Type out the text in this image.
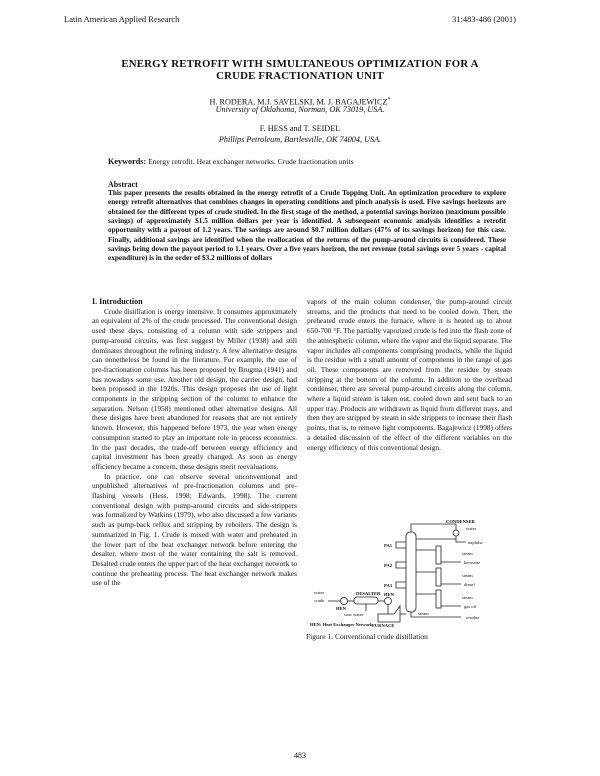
Latin American Applied Research	31:483-486 (2001)
ENERGY RETROFIT WITH SIMULTANEOUS OPTIMIZATION FOR A
CRUDE FRACTIONATION UNIT
H. RODERA, M.J. SAVELSKI, M. J. BAGAJEWICZ*
University of Oklahoma, Norman, OK 73019, USA.
F. HESS and T. SEIDEL
Phillips Petroleum, Bartlesville, OK 74004, USA.
Keywords: Energy retrofit. Heat exchanger networks. Crude fractionation units
Abstract
This paper presents the results obtained in the energy retrofit of a Crude Topping Unit. An optimization procedure to explore energy retrofit alternatives that combines changes in operating conditions and pinch analysis is used. Five savings horizons are obtained for the different types of crude studied. In the first stage of the method, a potential savings horizon (maximum possible savings) of approximately $1.5 million dollars per year is identified. A subsequent economic analysis identifies a retrofit opportunity with a payout of 1.2 years. The savings are around $0.7 million dollars (47% of its savings horizon) for this case. Finally, additional savings are identified when the reallocation of the returns of the pump-around circuits is considered. These savings bring down the payout period to 1.1 years. Over a five years horizon, the net revenue (total savings over 5 years - capital expenditure) is in the order of $3.2 millions of dollars
I. Introduction

Crude distillation is energy intensive. It consumes approximately an equivalent of 2% of the crude processed. The conventional design used these days, consisting of a column with side strippers and pump-around circuits, was first suggest by Miller (1938) and still dominates throughout the refining industry. A few alternative designs can nonetheless be found in the literature. For example, the use of pre-fractionation columns has been proposed by Brugma (1941) and has nowadays some use. Another old design, the carrier design, had been proposed in the 1920s. This design proposes the use of light components in the stripping section of the column to enhance the separation. Nelson (1958) mentioned other alternative designs. All these designs have been abandoned for reasons that are not entirely known. However, this happened before 1973, the year when energy consumption started to play an important role in process economics. In the past decades, the trade-off between energy efficiency and capital investment has been greatly changed. As soon as energy efficiency became a concern, these designs merit reevaluations.

In practice, one can observe several unconventional and unpublished alternatives of pre-fractionation columns and pre-flashing vessels (Hess, 1998; Edwards, 1998). The current conventional design with pump-around circuits and side-strippers was formalized by Watkins (1979), who also discussed a few variants such as pump-back reflux and stripping by reboilers. The design is summarized in Fig. 1. Crude is mixed with water and preheated in the lower part of the heat exchanger network before entering the desalter, where most of the water containing the salt is removed. Desalted crude enters the upper part of the heat exchanger network to continue the preheating process. The heat exchanger network makes use of the

vapors of the main column condenser, the pump-around circuit streams, and the products that need to be cooled down. Then, the preheated crude enters the furnace, where it is heated up to about 650-700 °F. The partially vaporized crude is fed into the flash zone of the atmospheric column, where the vapor and the liquid separate. The vapor includes all components comprising products, while the liquid is the residue with a small amount of components in the range of gas oil. These components are removed from the residue by steam stripping at the bottom of the column. In addition to the overhead condenser, there are several pump-around circuits along the column, where a liquid stream is taken out, cooled down and sent back to an upper tray. Products are withdrawn as liquid from different trays, and then they are stripped by steam in side strippers to increase their flash points, that is, to remove light components. Bagajewicz (1998) offers a detailed discussion of the effect of the different variables on the energy efficiency of this conventional design.

CONDENSER
water
naphtha
PA1
PA2
PA3
steam
kerosene
steam
diesel
steam
gas oil
water
crude
DESALTER
HEN
HEN
sour water
FURNACE
steam
residue
HEN: Heat Exchanger Network
Figure 1. Conventional crude distillation
483
